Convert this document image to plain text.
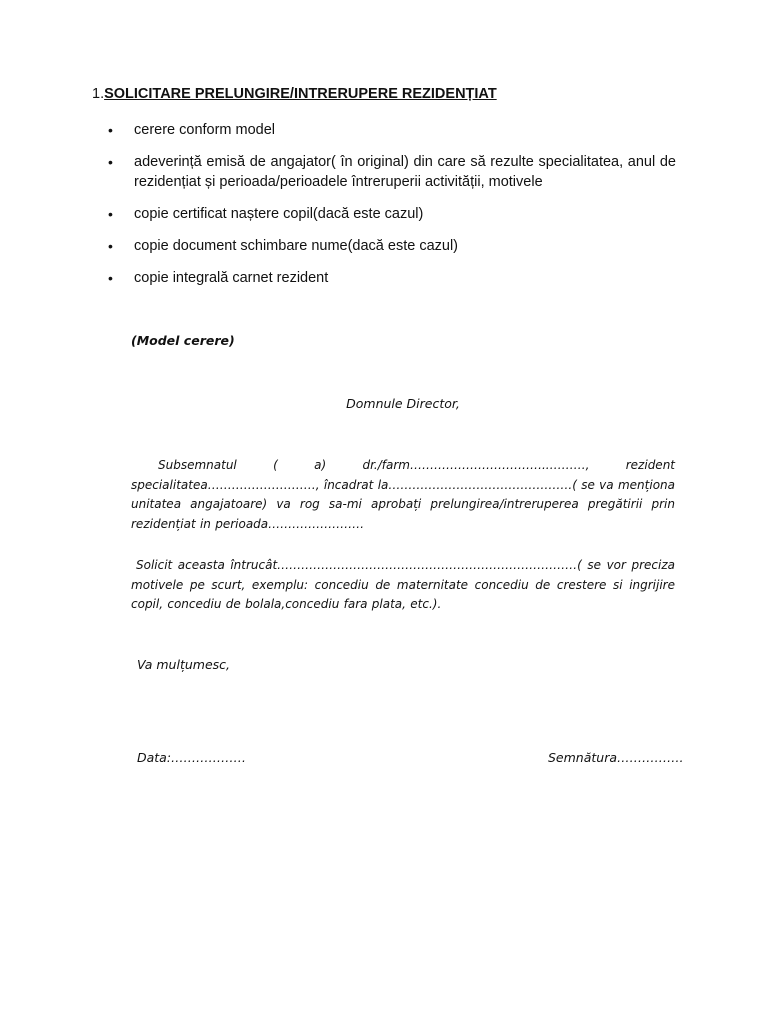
1.SOLICITARE PRELUNGIRE/INTRERUPERE REZIDENȚIAT
• cerere conform model
• adeverință emisă de angajator( în original) din care să rezulte specialitatea, anul de rezidențiat și perioada/perioadele întreruperii activității, motivele
• copie certificat naștere copil(dacă este cazul)
• copie document schimbare nume(dacă este cazul)
• copie integrală carnet rezident
(Model cerere)
Domnule Director,
Subsemnatul ( a) dr./farm……………………………..………, rezident specialitatea………………………, încadrat la……………………………………….( se va menționa unitatea angajatoare) va rog sa-mi aprobați prelungirea/intreruperea pregătirii prin rezidențiat in perioada……………………
Solicit aceasta întrucât…………………………………………………………………( se vor preciza motivele pe scurt, exemplu: concediu de maternitate concediu de crestere si ingrijire copil, concediu de bolala,concediu fara plata, etc.).
Va mulțumesc,
Data:………………	Semnătura…………….
